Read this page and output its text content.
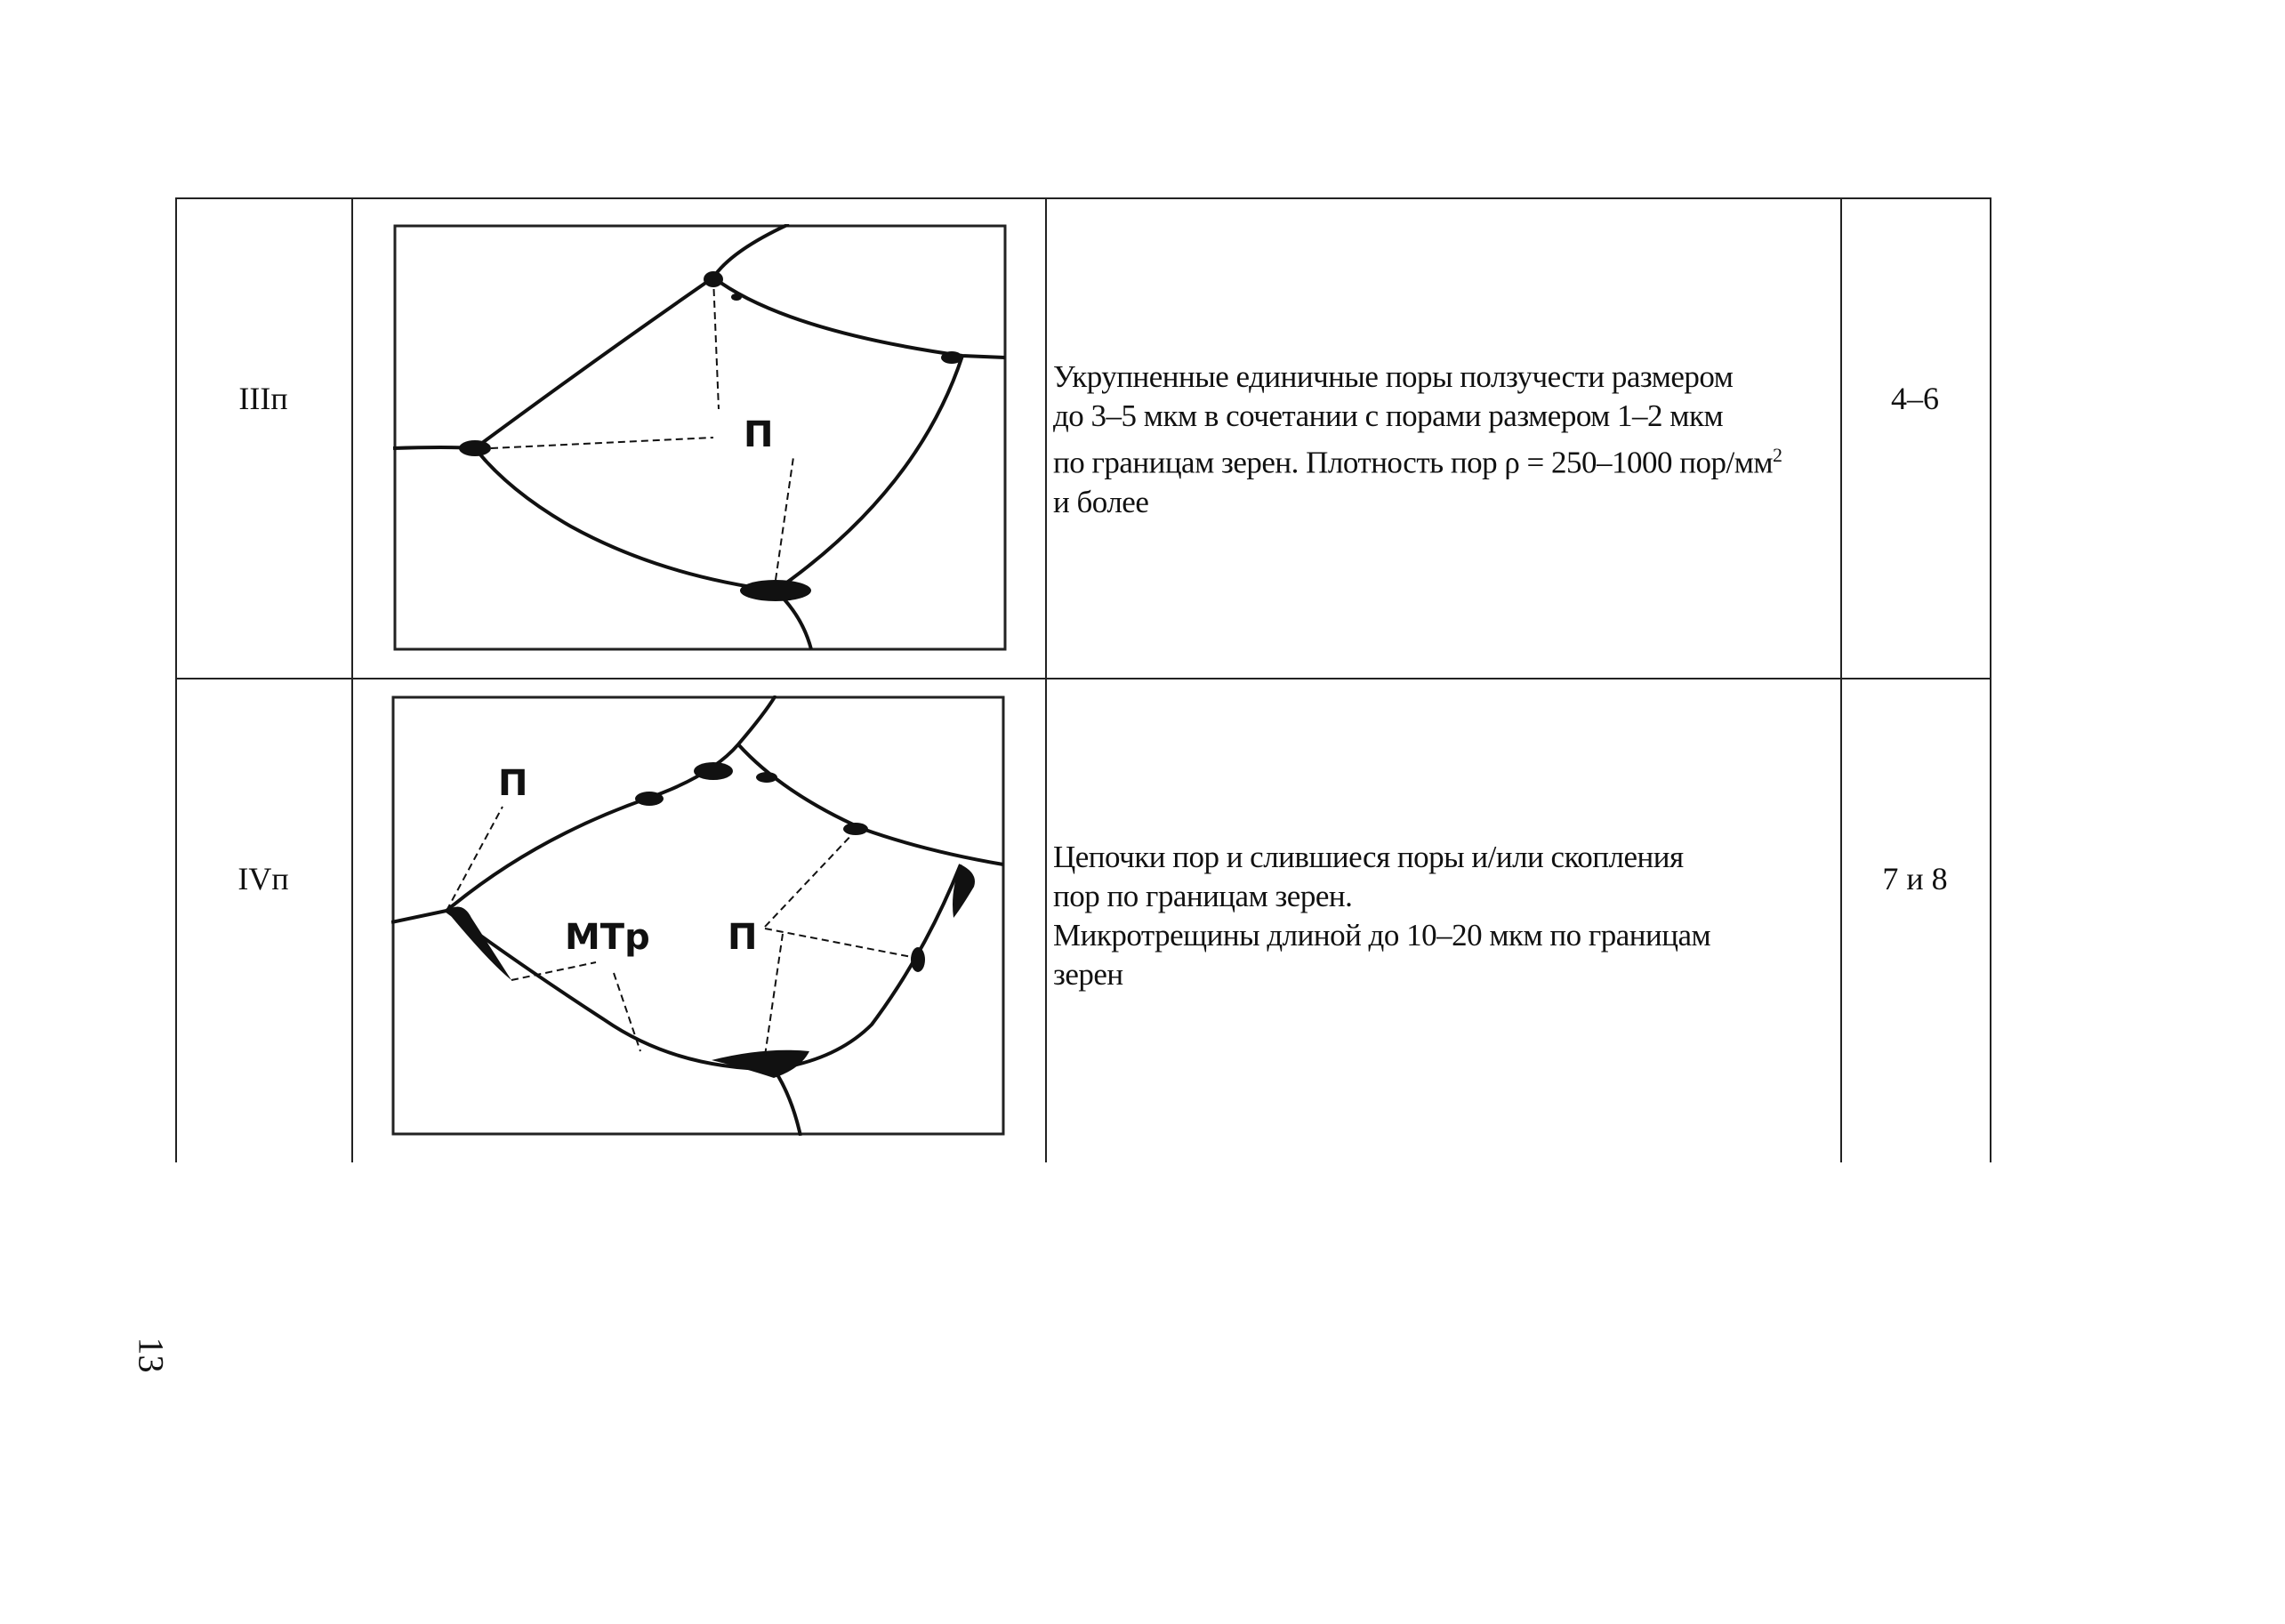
IIIп
П

Укрупненные единичные поры ползучести размером

до 3–5 мкм в сочетании с порами размером 1–2 мкм

по границам зерен. Плотность пор ρ = 250–1000 пор/$мм^2$

и более

4–6
IVп
П
МТр П

Цепочки пор и слившиеся поры и/или скопления

пор по границам зерен.

Микротрещины длиной до 10–20 мкм по границам

зерен

7 и 8
13
